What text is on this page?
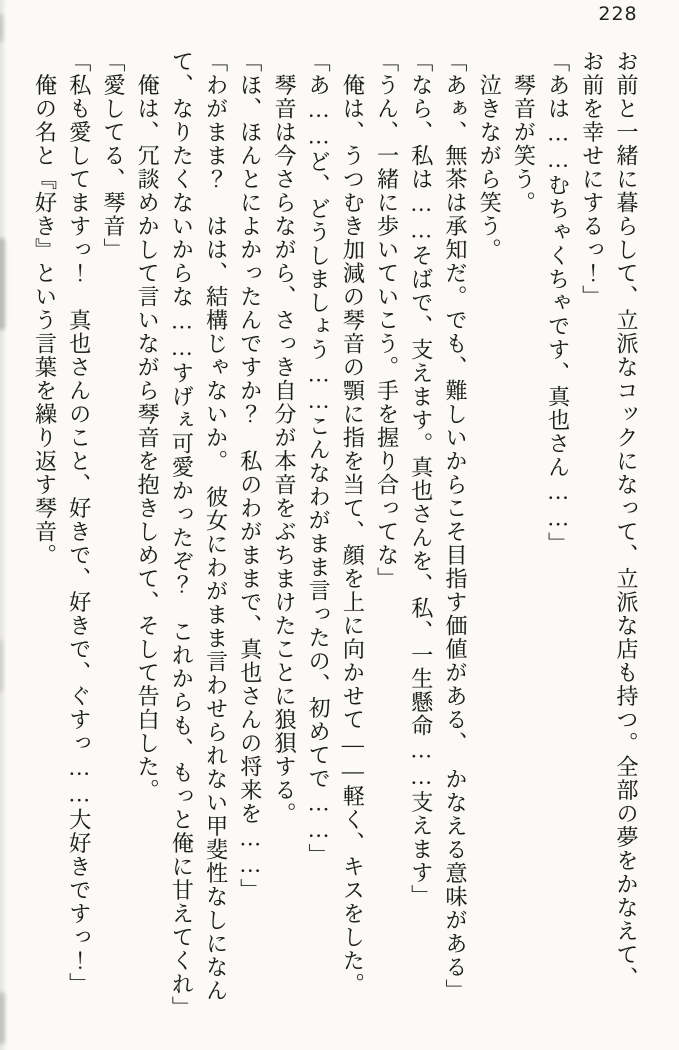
228
お前と一緒に暮らして、立派なコックになって、立派な店も持つ。全部の夢をかなえて、
お前を幸せにするっ！」
「あは……むちゃくちゃです、真也さん……」
　琴音が笑う。
　泣きながら笑う。
「あぁ、無茶は承知だ。でも、難しいからこそ目指す価値がある、　かなえる意味がある」
「なら、私は……そばで、支えます。真也さんを、私、一生懸命……支えます」
「うん、一緒に歩いていこう。手を握り合ってな」
　俺は、うつむき加減の琴音の顎に指を当て、顔を上に向かせて――軽く、キスをした。
「あ……ど、どうしましょう……こんなわがまま言ったの、初めてで……」
　琴音は今さらながら、さっき自分が本音をぶちまけたことに狼狽する。
「ほ、ほんとによかったんですか？　私のわがままで、真也さんの将来を……」
「わがまま？　はは、結構じゃないか。　彼女にわがまま言わせられない甲斐性なしになん
て、なりたくないからな……すげぇ可愛かったぞ？　これからも、もっと俺に甘えてくれ」
　俺は、冗談めかして言いながら琴音を抱きしめて、そして告白した。
「愛してる、琴音」
「私も愛してますっ！　真也さんのこと、好きで、好きで、ぐすっ……大好きですっ！」
　俺の名と『好き』という言葉を繰り返す琴音。
